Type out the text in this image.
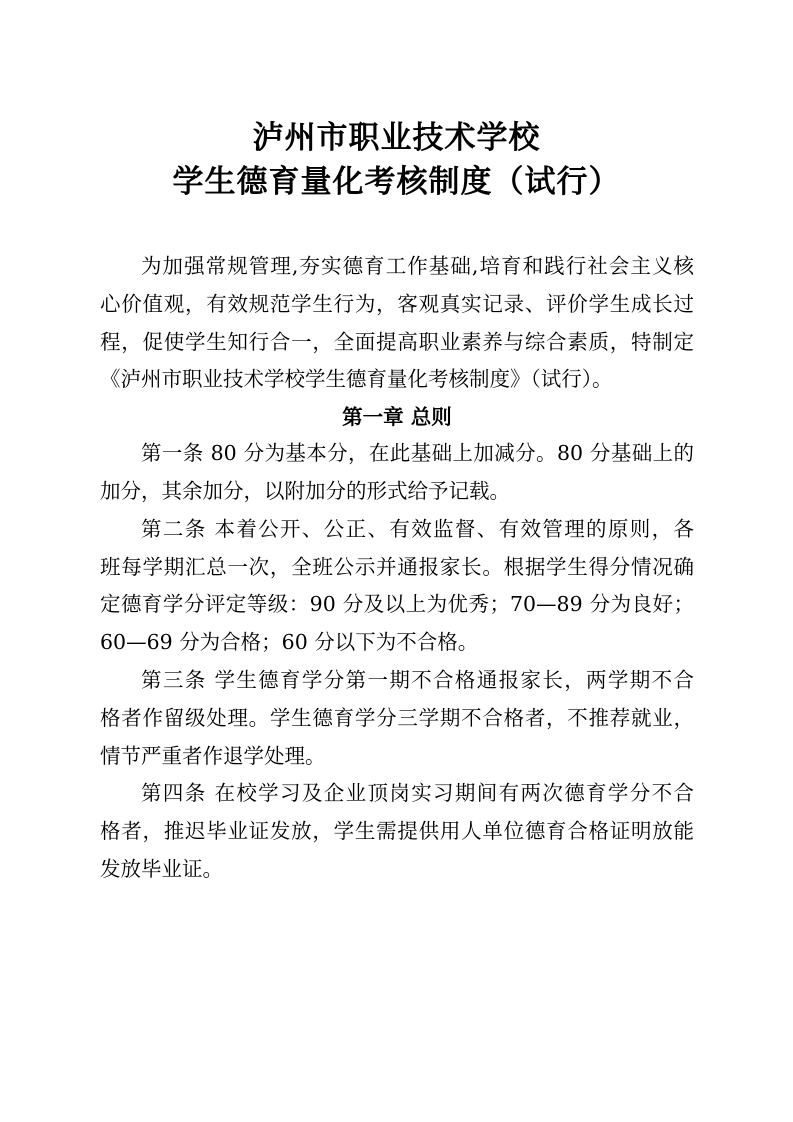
泸州市职业技术学校
学生德育量化考核制度（试行）
为加强常规管理,夯实德育工作基础,培育和践行社会主义核
心价值观，有效规范学生行为，客观真实记录、评价学生成长过
程，促使学生知行合一，全面提高职业素养与综合素质，特制定
《泸州市职业技术学校学生德育量化考核制度》（试行）。
第一章 总则
第一条 80 分为基本分，在此基础上加减分。80 分基础上的
加分，其余加分，以附加分的形式给予记载。
第二条 本着公开、公正、有效监督、有效管理的原则，各
班每学期汇总一次，全班公示并通报家长。根据学生得分情况确
定德育学分评定等级：90 分及以上为优秀；70—89 分为良好；
60—69 分为合格；60 分以下为不合格。
第三条 学生德育学分第一期不合格通报家长，两学期不合
格者作留级处理。学生德育学分三学期不合格者，不推荐就业，
情节严重者作退学处理。
第四条 在校学习及企业顶岗实习期间有两次德育学分不合
格者，推迟毕业证发放，学生需提供用人单位德育合格证明放能
发放毕业证。
